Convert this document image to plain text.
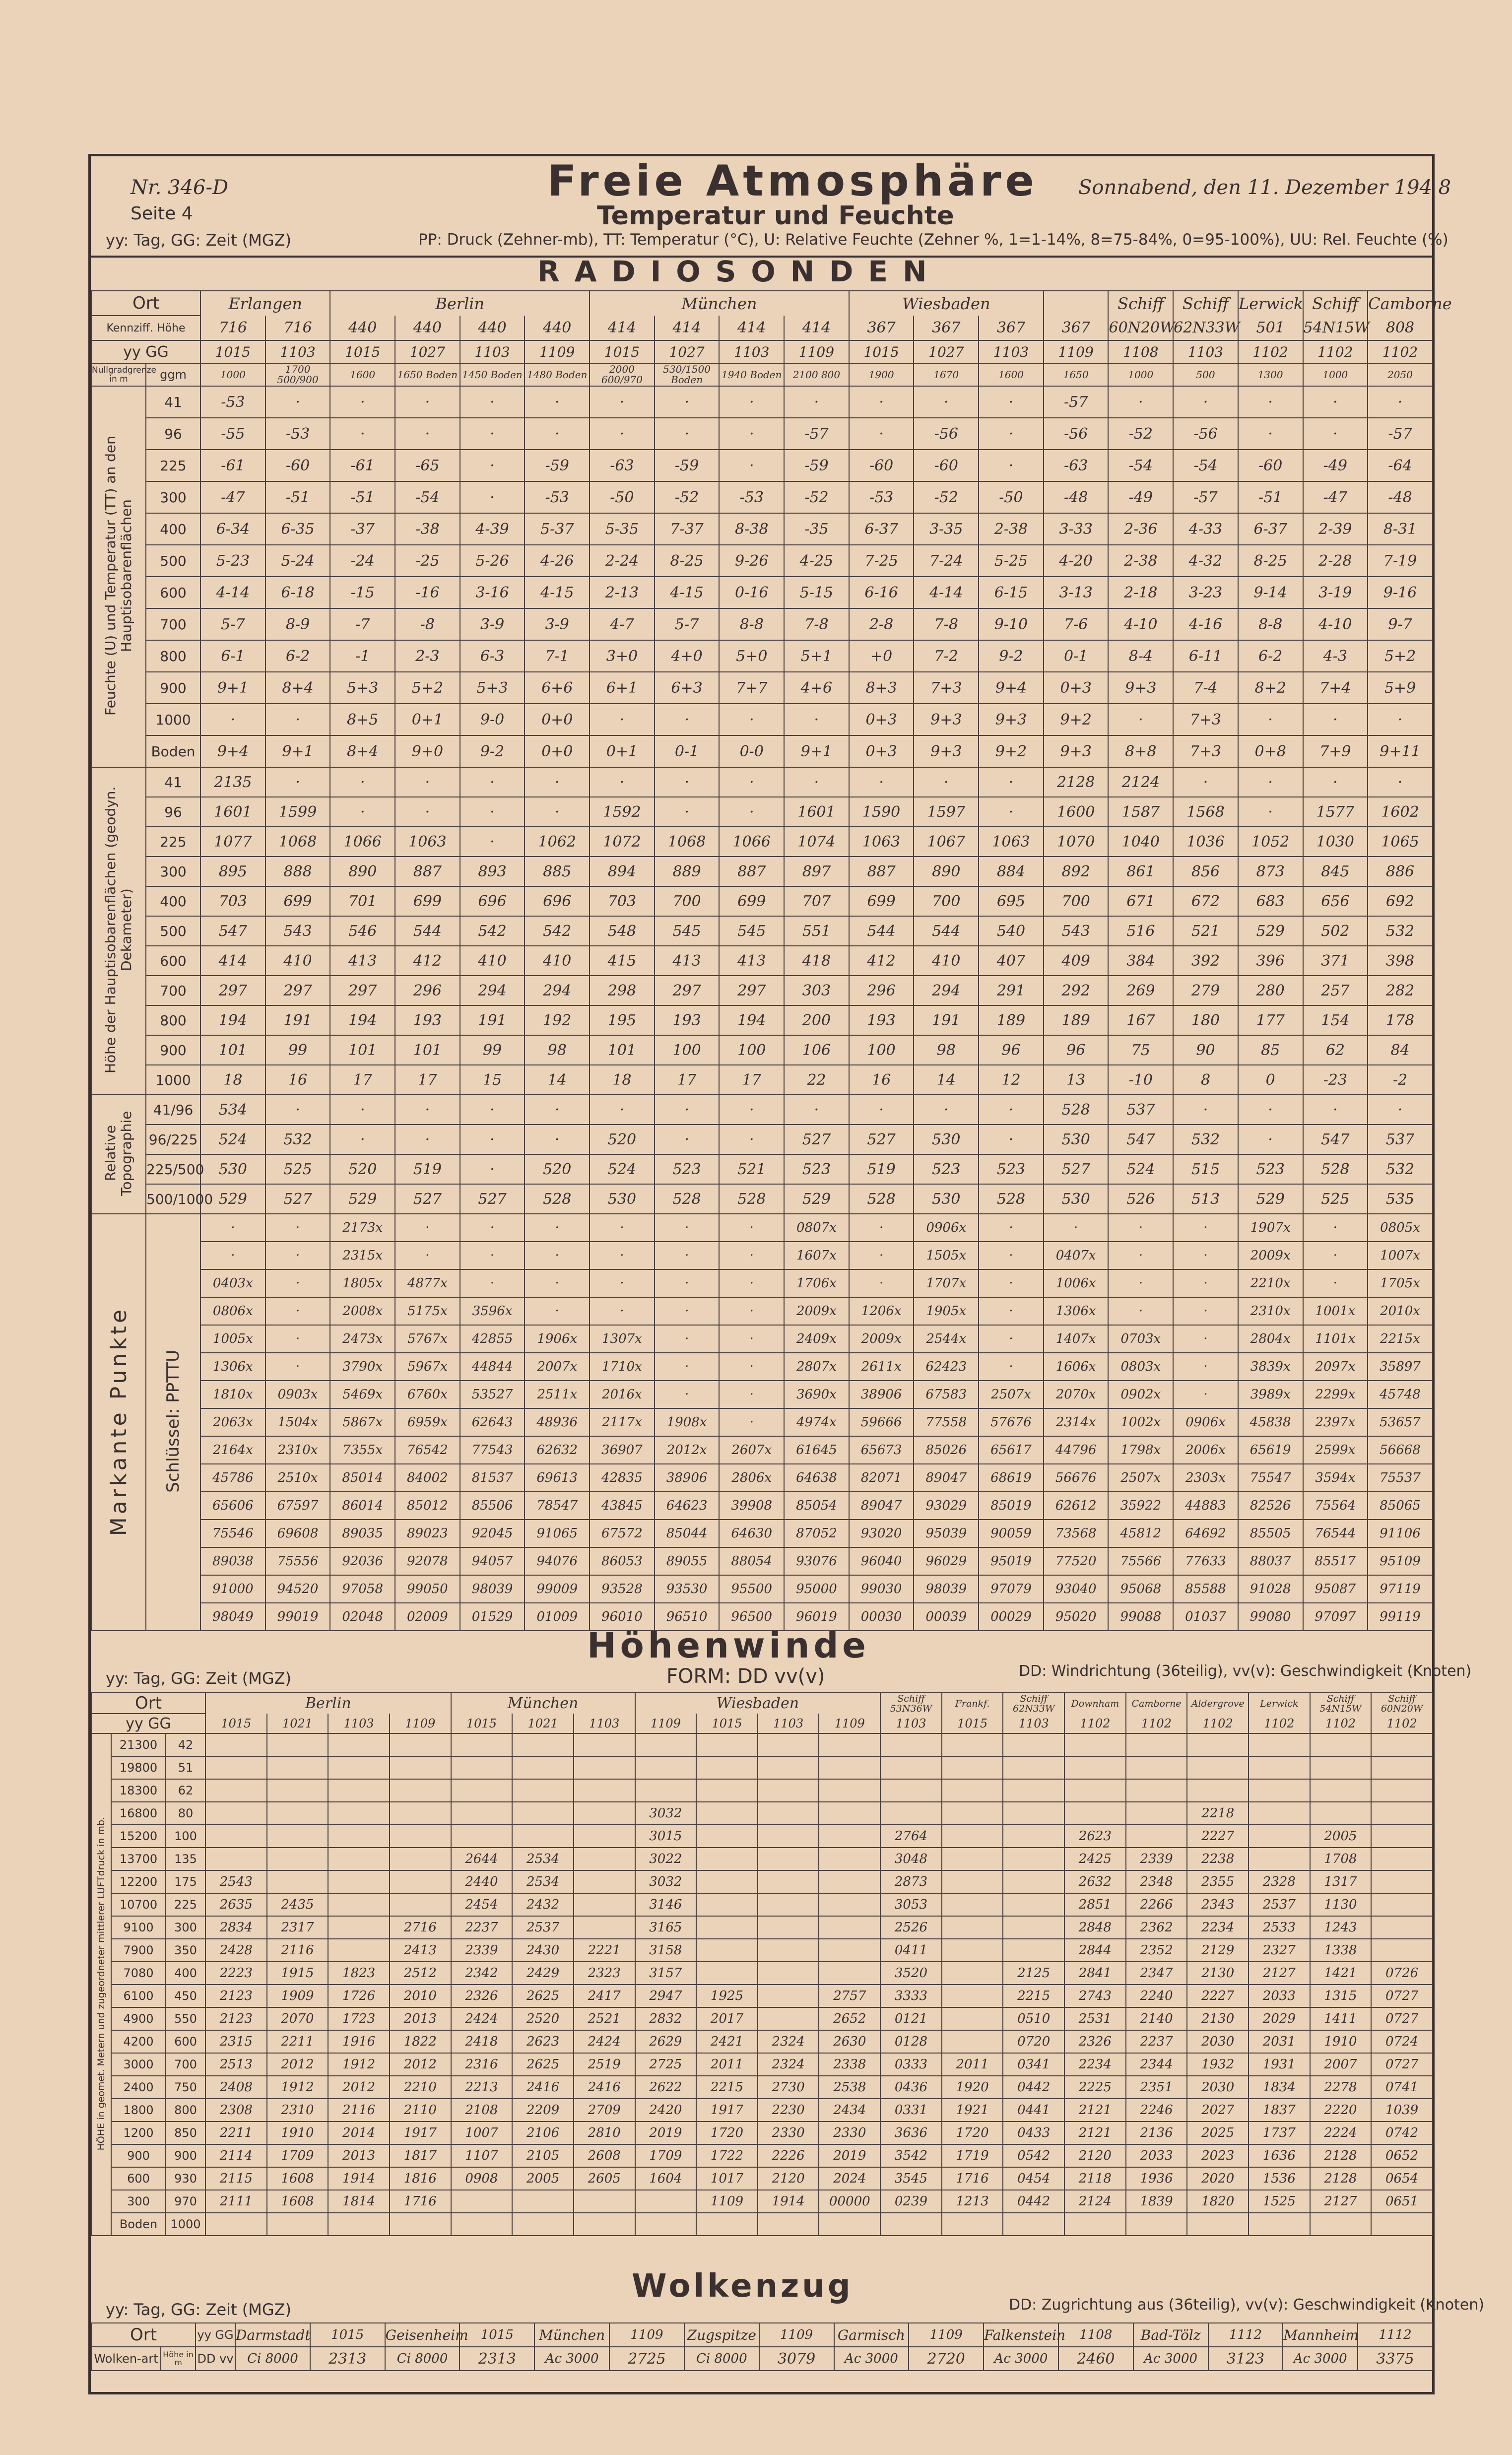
Nr. 346-D
Seite 4
Freie Atmosphäre
Temperatur und Feuchte
Sonnabend, den 11. Dezember 194 8
yy: Tag, GG: Zeit (MGZ)	PP: Druck (Zehner-mb), TT: Temperatur (°C), U: Relative Feuchte (Zehner %, 1=1-14%, 8=75-84%, 0=95-100%), UU: Rel. Feuchte (%)
RADIOSONDEN
Ort		Erlangen		Berlin				München				Wiesbaden				Schiff	Schiff	Lerwick	Schiff	Camborne
Kennziff. Höhe		716	716	440	440	440	440	414	414	414	414	367	367	367	367	60N20W	62N33W	501	54N15W	808
yy GG		1015	1103	1015	1027	1103	1109	1015	1027	1103	1109	1015	1027	1103	1109	1108	1103	1102	1102	1102
Nullgradgrenze in m	ggm	1000	1700 500/900	1600	1650 Boden	1450 Boden	1480 Boden	2000 600/970	530/1500 Boden	1940 Boden	2100 800	1900	1670	1600	1650	1000	500	1300	1000	2050
Feuchte (U) und Temperatur (TT) an den Hauptisobarenflächen	41	-53	·	·	·	·	·	·	·	·	·	·	·	·	-57	·	·	·	·	·
	96	-55	-53	·	·	·	·	·	·	·	-57	·	-56	·	-56	-52	-56	·	·	-57
	225	-61	-60	-61	-65	·	-59	-63	-59	·	-59	-60	-60	·	-63	-54	-54	-60	-49	-64
	300	-47	-51	-51	-54	·	-53	-50	-52	-53	-52	-53	-52	-50	-48	-49	-57	-51	-47	-48
	400	6-34	6-35	-37	-38	4-39	5-37	5-35	7-37	8-38	-35	6-37	3-35	2-38	3-33	2-36	4-33	6-37	2-39	8-31
	500	5-23	5-24	-24	-25	5-26	4-26	2-24	8-25	9-26	4-25	7-25	7-24	5-25	4-20	2-38	4-32	8-25	2-28	7-19
	600	4-14	6-18	-15	-16	3-16	4-15	2-13	4-15	0-16	5-15	6-16	4-14	6-15	3-13	2-18	3-23	9-14	3-19	9-16
	700	5-7	8-9	-7	-8	3-9	3-9	4-7	5-7	8-8	7-8	2-8	7-8	9-10	7-6	4-10	4-16	8-8	4-10	9-7
	800	6-1	6-2	-1	2-3	6-3	7-1	3+0	4+0	5+0	5+1	+0	7-2	9-2	0-1	8-4	6-11	6-2	4-3	5+2
	900	9+1	8+4	5+3	5+2	5+3	6+6	6+1	6+3	7+7	4+6	8+3	7+3	9+4	0+3	9+3	7-4	8+2	7+4	5+9
	1000	·	·	8+5	0+1	9-0	0+0	·	·	·	·	0+3	9+3	9+3	9+2	·	7+3	·	·	·
	Boden	9+4	9+1	8+4	9+0	9-2	0+0	0+1	0-1	0-0	9+1	0+3	9+3	9+2	9+3	8+8	7+3	0+8	7+9	9+11
Höhe der Hauptisobarenflächen (geodyn. Dekameter)	41	2135	·	·	·	·	·	·	·	·	·	·	·	·	2128	2124	·	·	·	·
	96	1601	1599	·	·	·	·	1592	·	·	1601	1590	1597	·	1600	1587	1568	·	1577	1602
	225	1077	1068	1066	1063	·	1062	1072	1068	1066	1074	1063	1067	1063	1070	1040	1036	1052	1030	1065
	300	895	888	890	887	893	885	894	889	887	897	887	890	884	892	861	856	873	845	886
	400	703	699	701	699	696	696	703	700	699	707	699	700	695	700	671	672	683	656	692
	500	547	543	546	544	542	542	548	545	545	551	544	544	540	543	516	521	529	502	532
	600	414	410	413	412	410	410	415	413	413	418	412	410	407	409	384	392	396	371	398
	700	297	297	297	296	294	294	298	297	297	303	296	294	291	292	269	279	280	257	282
	800	194	191	194	193	191	192	195	193	194	200	193	191	189	189	167	180	177	154	178
	900	101	99	101	101	99	98	101	100	100	106	100	98	96	96	75	90	85	62	84
	1000	18	16	17	17	15	14	18	17	17	22	16	14	12	13	-10	8	0	-23	-2
Relative Topographie	41/96	534	·	·	·	·	·	·	·	·	·	·	·	·	528	537	·	·	·	·
	96/225	524	532	·	·	·	·	520	·	·	527	527	530	·	530	547	532	·	547	537
	225/500	530	525	520	519	·	520	524	523	521	523	519	523	523	527	524	515	523	528	532
	500/1000	529	527	529	527	527	528	530	528	528	529	528	530	528	530	526	513	529	525	535
Markante Punkte	Schlüssel: PPTTU	·	·	2173x	·	·	·	·	·	·	0807x	·	0906x	·	·	·	·	1907x	·	0805x
		·	·	2315x	·	·	·	·	·	·	1607x	·	1505x	·	0407x	·	·	2009x	·	1007x
		0403x	·	1805x	4877x	·	·	·	·	·	1706x	·	1707x	·	1006x	·	·	2210x	·	1705x
		0806x	·	2008x	5175x	3596x	·	·	·	·	2009x	1206x	1905x	·	1306x	·	·	2310x	1001x	2010x
		1005x	·	2473x	5767x	42855	1906x	1307x	·	·	2409x	2009x	2544x	·	1407x	0703x	·	2804x	1101x	2215x
		1306x	·	3790x	5967x	44844	2007x	1710x	·	·	2807x	2611x	62423	·	1606x	0803x	·	3839x	2097x	35897
		1810x	0903x	5469x	6760x	53527	2511x	2016x	·	·	3690x	38906	67583	2507x	2070x	0902x	·	3989x	2299x	45748
		2063x	1504x	5867x	6959x	62643	48936	2117x	1908x	·	4974x	59666	77558	57676	2314x	1002x	0906x	45838	2397x	53657
		2164x	2310x	7355x	76542	77543	62632	36907	2012x	2607x	61645	65673	85026	65617	44796	1798x	2006x	65619	2599x	56668
		45786	2510x	85014	84002	81537	69613	42835	38906	2806x	64638	82071	89047	68619	56676	2507x	2303x	75547	3594x	75537
		65606	67597	86014	85012	85506	78547	43845	64623	39908	85054	89047	93029	85019	62612	35922	44883	82526	75564	85065
		75546	69608	89035	89023	92045	91065	67572	85044	64630	87052	93020	95039	90059	73568	45812	64692	85505	76544	91106
		89038	75556	92036	92078	94057	94076	86053	89055	88054	93076	96040	96029	95019	77520	75566	77633	88037	85517	95109
		91000	94520	97058	99050	98039	99009	93528	93530	95500	95000	99030	98039	97079	93040	95068	85588	91028	95087	97119
		98049	99019	02048	02009	01529	01009	96010	96510	96500	96019	00030	00039	00029	95020	99088	01037	99080	97097	99119
Höhenwinde
FORM: DD vv(v)
yy: Tag, GG: Zeit (MGZ)	DD: Windrichtung (36teilig), vv(v): Geschwindigkeit (Knoten)
Ort			Berlin				München			Wiesbaden				Schiff 53N36W	Frankf.	Schiff 62N33W	Downham	Camborne	Aldergrove	Lerwick	Schiff 54N15W	Schiff 60N20W
yy GG			1015	1021	1103	1109	1015	1021	1103	1109	1015	1103	1109	1103	1015	1103	1102	1102	1102	1102	1102	1102
HÖHE in geomet. Metern und zugeordneter mittlerer LUFTdruck in mb.	21300	42																				
	19800	51																				
	18300	62																				
	16800	80								3032									2218			
	15200	100								3015				2764			2623		2227		2005	
	13700	135					2644	2534		3022				3048			2425	2339	2238		1708	
	12200	175	2543				2440	2534		3032				2873			2632	2348	2355	2328	1317	
	10700	225	2635	2435			2454	2432		3146				3053			2851	2266	2343	2537	1130	
	9100	300	2834	2317		2716	2237	2537		3165				2526			2848	2362	2234	2533	1243	
	7900	350	2428	2116		2413	2339	2430	2221	3158				0411			2844	2352	2129	2327	1338	
	7080	400	2223	1915	1823	2512	2342	2429	2323	3157				3520		2125	2841	2347	2130	2127	1421	0726
	6100	450	2123	1909	1726	2010	2326	2625	2417	2947	1925		2757	3333		2215	2743	2240	2227	2033	1315	0727
	4900	550	2123	2070	1723	2013	2424	2520	2521	2832	2017		2652	0121		0510	2531	2140	2130	2029	1411	0727
	4200	600	2315	2211	1916	1822	2418	2623	2424	2629	2421	2324	2630	0128		0720	2326	2237	2030	2031	1910	0724
	3000	700	2513	2012	1912	2012	2316	2625	2519	2725	2011	2324	2338	0333	2011	0341	2234	2344	1932	1931	2007	0727
	2400	750	2408	1912	2012	2210	2213	2416	2416	2622	2215	2730	2538	0436	1920	0442	2225	2351	2030	1834	2278	0741
	1800	800	2308	2310	2116	2110	2108	2209	2709	2420	1917	2230	2434	0331	1921	0441	2121	2246	2027	1837	2220	1039
	1200	850	2211	1910	2014	1917	1007	2106	2810	2019	1720	2330	2330	3636	1720	0433	2121	2136	2025	1737	2224	0742
	900	900	2114	1709	2013	1817	1107	2105	2608	1709	1722	2226	2019	3542	1719	0542	2120	2033	2023	1636	2128	0652
	600	930	2115	1608	1914	1816	0908	2005	2605	1604	1017	2120	2024	3545	1716	0454	2118	1936	2020	1536	2128	0654
	300	970	2111	1608	1814	1716					1109	1914	00000	0239	1213	0442	2124	1839	1820	1525	2127	0651
	Boden	1000																				
Wolkenzug
yy: Tag, GG: Zeit (MGZ)	DD: Zugrichtung aus (36teilig), vv(v): Geschwindigkeit (Knoten)
Ort		yy GG	Darmstadt	1015	Geisenheim	1015	München	1109	Zugspitze	1109	Garmisch	1109	Falkenstein	1108	Bad-Tölz	1112	Mannheim	1112
Wolken-art	Höhe in m	DD vv	Ci 8000	2313	Ci 8000	2313	Ac 3000	2725	Ci 8000	3079	Ac 3000	2720	Ac 3000	2460	Ac 3000	3123	Ac 3000	3375
